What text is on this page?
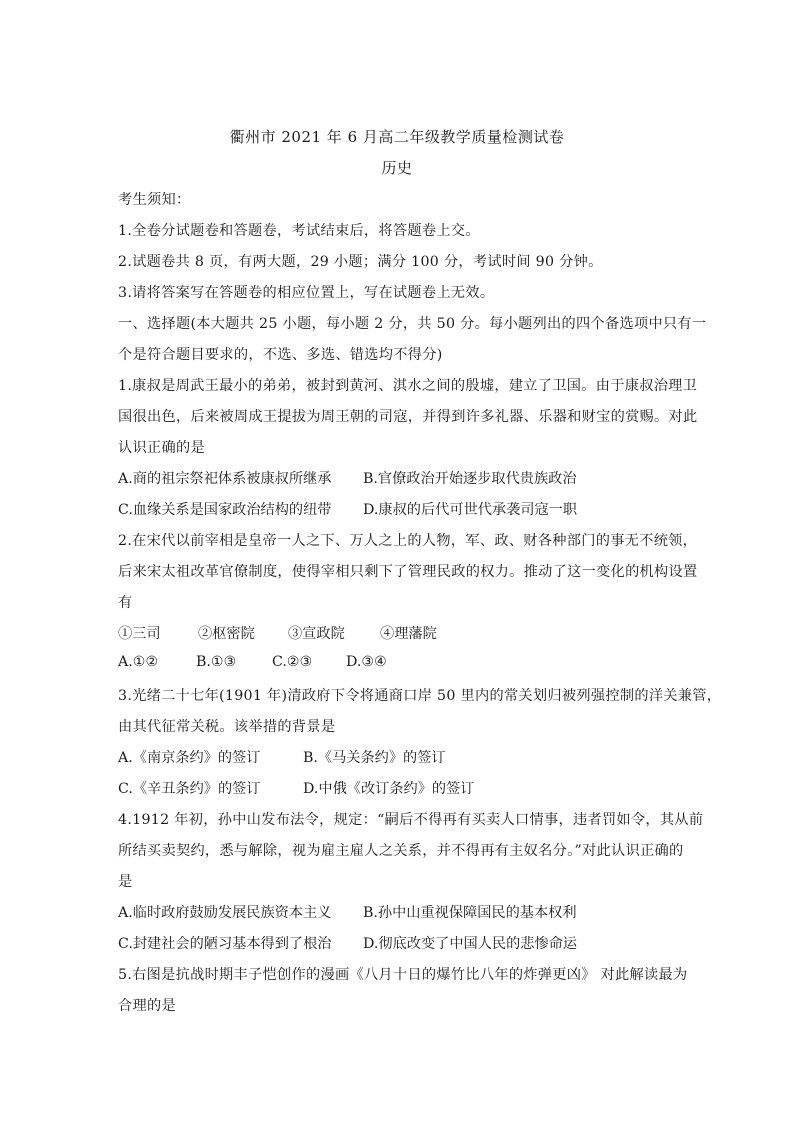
衢州市 2021 年 6 月高二年级教学质量检测试卷
历史
考生须知：
1.全卷分试题卷和答题卷，考试结束后，将答题卷上交。
2.试题卷共 8 页，有两大题，29 小题；满分 100 分，考试时间 90 分钟。
3.请将答案写在答题卷的相应位置上，写在试题卷上无效。
一、选择题(本大题共 25 小题，每小题 2 分，共 50 分。每小题列出的四个备选项中只有一
个是符合题目要求的，不选、多选、错选均不得分)
1.康叔是周武王最小的弟弟，被封到黄河、淇水之间的殷墟，建立了卫国。由于康叔治理卫
国很出色，后来被周成王提拔为周王朝的司寇，并得到许多礼器、乐器和财宝的赏赐。对此
认识正确的是
A.商的祖宗祭祀体系被康叔所继承 B.官僚政治开始逐步取代贵族政治
C.血缘关系是国家政治结构的纽带 D.康叔的后代可世代承袭司寇一职
2.在宋代以前宰相是皇帝一人之下、万人之上的人物，军、政、财各种部门的事无不统领，
后来宋太祖改革官僚制度，使得宰相只剩下了管理民政的权力。推动了这一变化的机构设置
有
①三司	②枢密院 ③宣政院 ④理藩院
A.①②	B.①③	C.②③ D.③④
3.光绪二十七年(1901 年)清政府下令将通商口岸 50 里内的常关划归被列强控制的洋关兼管，
由其代征常关税。该举措的背景是
A.《南京条约》的签订	B.《马关条约》的签订
C.《辛丑条约》的签订	D.中俄《改订条约》的签订
4.1912 年初，孙中山发布法令，规定：“嗣后不得再有买卖人口情事，违者罚如令，其从前
所结买卖契约，悉与解除，视为雇主雇人之关系，并不得再有主奴名分。”对此认识正确的
是
A.临时政府鼓励发展民族资本主义 B.孙中山重视保障国民的基本权利
C.封建社会的陋习基本得到了根治 D.彻底改变了中国人民的悲惨命运
5.右图是抗战时期丰子恺创作的漫画《八月十日的爆竹比八年的炸弹更凶》 对此解读最为
合理的是
